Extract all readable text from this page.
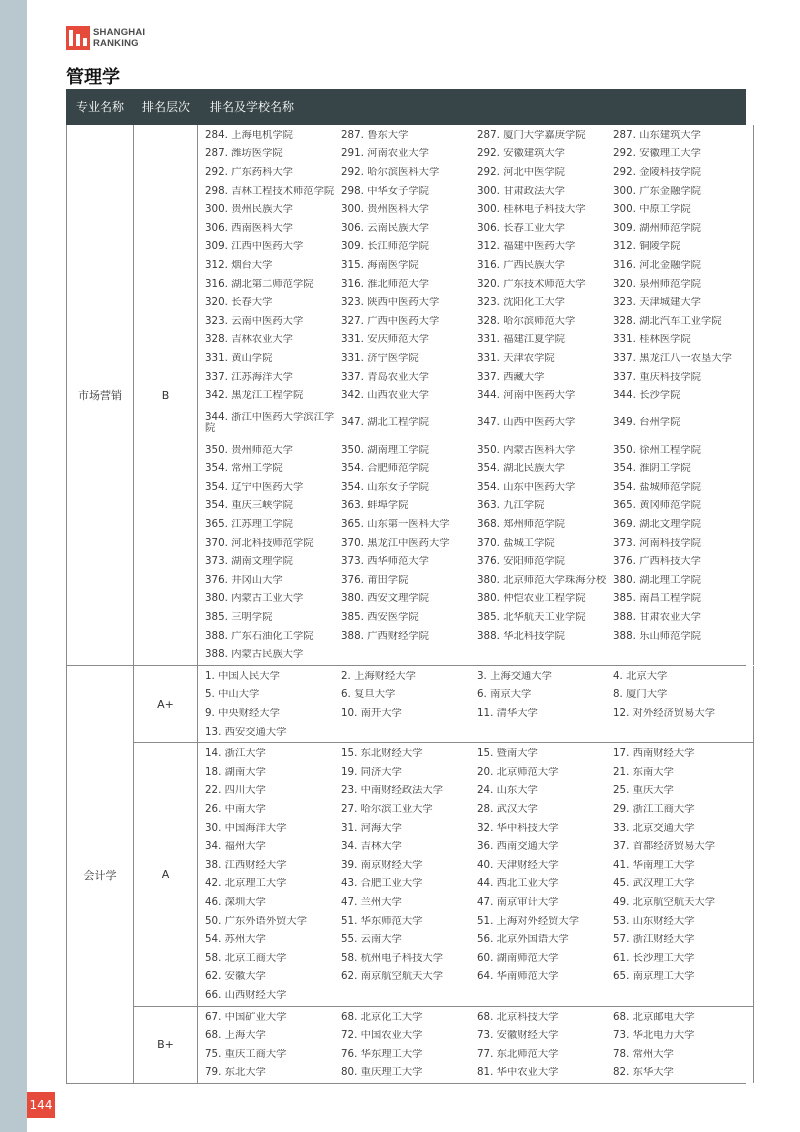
SHANGHAI
RANKING
管理学
专业名称	排名层次	排名及学校名称
市场营销	B
284. 上海电机学院	287. 鲁东大学	287. 厦门大学嘉庚学院	287. 山东建筑大学
287. 潍坊医学院	291. 河南农业大学	292. 安徽建筑大学	292. 安徽理工大学
292. 广东药科大学	292. 哈尔滨医科大学	292. 河北中医学院	292. 金陵科技学院
298. 吉林工程技术师范学院 298. 中华女子学院	300. 甘肃政法大学	300. 广东金融学院
300. 贵州民族大学	300. 贵州医科大学	300. 桂林电子科技大学	300. 中原工学院
306. 西南医科大学	306. 云南民族大学	306. 长春工业大学	309. 湖州师范学院
309. 江西中医药大学	309. 长江师范学院	312. 福建中医药大学	312. 铜陵学院
312. 烟台大学	315. 海南医学院	316. 广西民族大学	316. 河北金融学院
316. 湖北第二师范学院	316. 淮北师范大学	320. 广东技术师范大学	320. 泉州师范学院
320. 长春大学	323. 陕西中医药大学	323. 沈阳化工大学	323. 天津城建大学
323. 云南中医药大学	327. 广西中医药大学	328. 哈尔滨师范大学	328. 湖北汽车工业学院
328. 吉林农业大学	331. 安庆师范大学	331. 福建江夏学院	331. 桂林医学院
331. 黄山学院	331. 济宁医学院	331. 天津农学院	337. 黑龙江八一农垦大学
337. 江苏海洋大学	337. 青岛农业大学	337. 西藏大学	337. 重庆科技学院
342. 黑龙江工程学院	342. 山西农业大学	344. 河南中医药大学	344. 长沙学院
344. 浙江中医药大学滨江学院	347. 湖北工程学院	347. 山西中医药大学	349. 台州学院
350. 贵州师范大学	350. 湖南理工学院	350. 内蒙古医科大学	350. 徐州工程学院
354. 常州工学院	354. 合肥师范学院	354. 湖北民族大学	354. 淮阴工学院
354. 辽宁中医药大学	354. 山东女子学院	354. 山东中医药大学	354. 盐城师范学院
354. 重庆三峡学院	363. 蚌埠学院	363. 九江学院	365. 黄冈师范学院
365. 江苏理工学院	365. 山东第一医科大学	368. 郑州师范学院	369. 湖北文理学院
370. 河北科技师范学院	370. 黑龙江中医药大学	370. 盐城工学院	373. 河南科技学院
373. 湖南文理学院	373. 西华师范大学	376. 安阳师范学院	376. 广西科技大学
376. 井冈山大学	376. 莆田学院	380. 北京师范大学珠海分校 380. 湖北理工学院
380. 内蒙古工业大学	380. 西安文理学院	380. 仲恺农业工程学院	385. 南昌工程学院
385. 三明学院	385. 西安医学院	385. 北华航天工业学院	388. 甘肃农业大学
388. 广东石油化工学院	388. 广西财经学院	388. 华北科技学院	388. 乐山师范学院
388. 内蒙古民族大学
会计学
A+
1. 中国人民大学	2. 上海财经大学	3. 上海交通大学	4. 北京大学
5. 中山大学	6. 复旦大学	6. 南京大学	8. 厦门大学
9. 中央财经大学	10. 南开大学	11. 清华大学	12. 对外经济贸易大学
13. 西安交通大学
A
14. 浙江大学	15. 东北财经大学	15. 暨南大学	17. 西南财经大学
18. 湖南大学	19. 同济大学	20. 北京师范大学	21. 东南大学
22. 四川大学	23. 中南财经政法大学	24. 山东大学	25. 重庆大学
26. 中南大学	27. 哈尔滨工业大学	28. 武汉大学	29. 浙江工商大学
30. 中国海洋大学	31. 河海大学	32. 华中科技大学	33. 北京交通大学
34. 福州大学	34. 吉林大学	36. 西南交通大学	37. 首都经济贸易大学
38. 江西财经大学	39. 南京财经大学	40. 天津财经大学	41. 华南理工大学
42. 北京理工大学	43. 合肥工业大学	44. 西北工业大学	45. 武汉理工大学
46. 深圳大学	47. 兰州大学	47. 南京审计大学	49. 北京航空航天大学
50. 广东外语外贸大学	51. 华东师范大学	51. 上海对外经贸大学	53. 山东财经大学
54. 苏州大学	55. 云南大学	56. 北京外国语大学	57. 浙江财经大学
58. 北京工商大学	58. 杭州电子科技大学	60. 湖南师范大学	61. 长沙理工大学
62. 安徽大学	62. 南京航空航天大学	64. 华南师范大学	65. 南京理工大学
66. 山西财经大学
B+
67. 中国矿业大学	68. 北京化工大学	68. 北京科技大学	68. 北京邮电大学
68. 上海大学	72. 中国农业大学	73. 安徽财经大学	73. 华北电力大学
75. 重庆工商大学	76. 华东理工大学	77. 东北师范大学	78. 常州大学
79. 东北大学	80. 重庆理工大学	81. 华中农业大学	82. 东华大学
144
